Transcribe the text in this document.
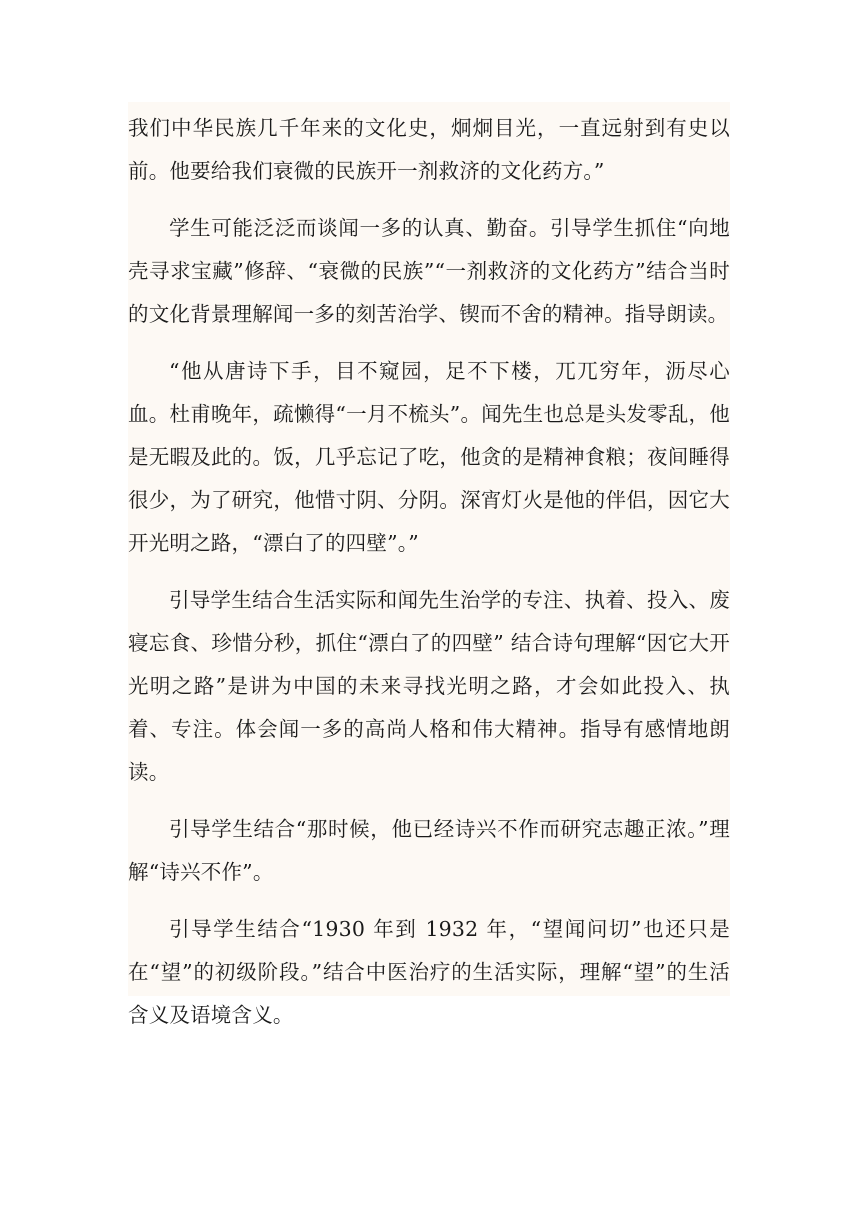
我们中华民族几千年来的文化史，炯炯目光，一直远射到有史以前。他要给我们衰微的民族开一剂救济的文化药方。”

学生可能泛泛而谈闻一多的认真、勤奋。引导学生抓住“向地壳寻求宝藏”修辞、“衰微的民族”“一剂救济的文化药方”结合当时的文化背景理解闻一多的刻苦治学、锲而不舍的精神。指导朗读。

“他从唐诗下手，目不窥园，足不下楼，兀兀穷年，沥尽心血。杜甫晚年，疏懒得“一月不梳头”。闻先生也总是头发零乱，他是无暇及此的。饭，几乎忘记了吃，他贪的是精神食粮；夜间睡得很少，为了研究，他惜寸阴、分阴。深宵灯火是他的伴侣，因它大开光明之路，“漂白了的四壁”。”

引导学生结合生活实际和闻先生治学的专注、执着、投入、废寝忘食、珍惜分秒，抓住“漂白了的四壁” 结合诗句理解“因它大开光明之路”是讲为中国的未来寻找光明之路，才会如此投入、执着、专注。体会闻一多的高尚人格和伟大精神。指导有感情地朗读。

引导学生结合“那时候，他已经诗兴不作而研究志趣正浓。”理解“诗兴不作”。

引导学生结合“1930 年到 1932 年，“望闻问切”也还只是在“望”的初级阶段。”结合中医治疗的生活实际，理解“望”的生活含义及语境含义。
